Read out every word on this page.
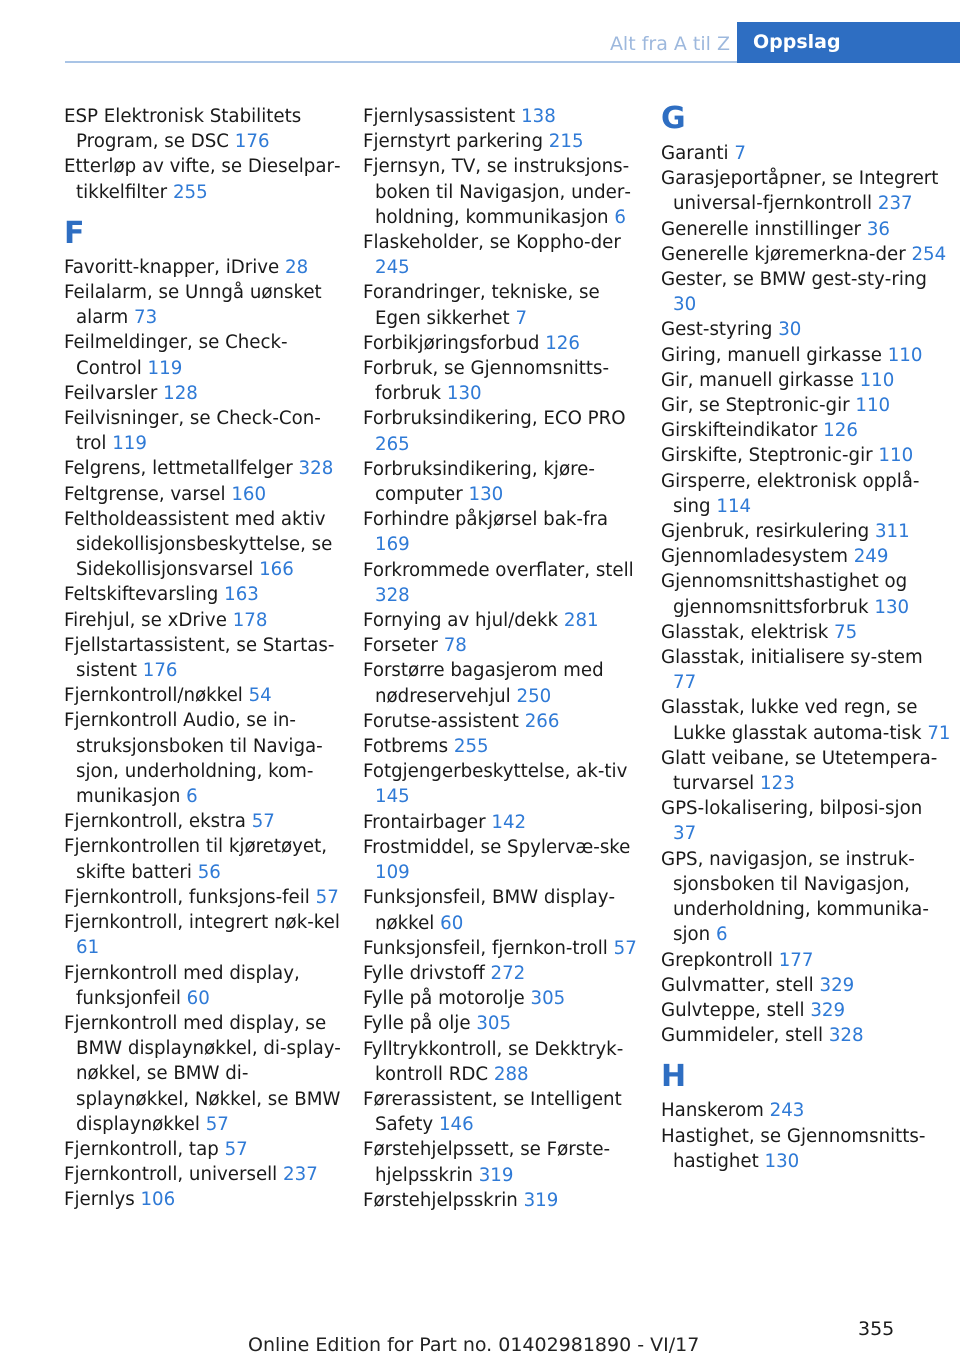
Alt fra A til Z	Oppslag
ESP Elektronisk Stabilitets Program, se DSC 176
Etterløp av vifte, se Dieselpar‐tikkelfilter 255
F
Favoritt-knapper, iDrive 28
Feilalarm, se Unngå uønsket alarm 73
Feilmeldinger, se Check-Control 119
Feilvarsler 128
Feilvisninger, se Check-Con‐trol 119
Felgrens, lettmetallfelger 328
Feltgrense, varsel 160
Feltholdeassistent med aktiv sidekollisjonsbeskyttelse, se Sidekollisjonsvarsel 166
Feltskiftevarsling 163
Firehjul, se xDrive 178
Fjellstartassistent, se Startas‐sistent 176
Fjernkontroll/nøkkel 54
Fjernkontroll Audio, se in‐struksjonsboken til Naviga‐sjon, underholdning, kom‐munikasjon 6
Fjernkontroll, ekstra 57
Fjernkontrollen til kjøretøyet, skifte batteri 56
Fjernkontroll, funksjons‐feil 57
Fjernkontroll, integrert nøk‐kel 61
Fjernkontroll med display, funksjonfeil 60
Fjernkontroll med display, se BMW displaynøkkel, di‐splay-nøkkel, se BMW di‐splaynøkkel, Nøkkel, se BMW displaynøkkel 57
Fjernkontroll, tap 57
Fjernkontroll, universell 237
Fjernlys 106
Fjernlysassistent 138
Fjernstyrt parkering 215
Fjernsyn, TV, se instruksjons‐boken til Navigasjon, under‐holdning, kommunikasjon 6
Flaskeholder, se Koppho‐der 245
Forandringer, tekniske, se Egen sikkerhet 7
Forbikjøringsforbud 126
Forbruk, se Gjennomsnitts‐forbruk 130
Forbruksindikering, ECO PRO 265
Forbruksindikering, kjøre‐computer 130
Forhindre påkjørsel bak‐fra 169
Forkrommede overflater, stell 328
Fornying av hjul/dekk 281
Forseter 78
Forstørre bagasjerom med nødreservehjul 250
Forutse-assistent 266
Fotbrems 255
Fotgjengerbeskyttelse, ak‐tiv 145
Frontairbager 142
Frostmiddel, se Spylervæ‐ske 109
Funksjonsfeil, BMW display‐nøkkel 60
Funksjonsfeil, fjernkon‐troll 57
Fylle drivstoff 272
Fylle på motorolje 305
Fylle på olje 305
Fylltrykkontroll, se Dekktryk‐kontroll RDC 288
Førerassistent, se Intelligent Safety 146
Førstehjelpssett, se Første‐hjelpsskrin 319
Førstehjelpsskrin 319
G
Garanti 7
Garasjeportåpner, se Integrert universal-fjernkontroll 237
Generelle innstillinger 36
Generelle kjøremerkna‐der 254
Gester, se BMW gest-sty‐ring 30
Gest-styring 30
Giring, manuell girkasse 110
Gir, manuell girkasse 110
Gir, se Steptronic-gir 110
Girskifteindikator 126
Girskifte, Steptronic-gir 110
Girsperre, elektronisk opplå‐sing 114
Gjenbruk, resirkulering 311
Gjennomladesystem 249
Gjennomsnittshastighet og gjennomsnittsforbruk 130
Glasstak, elektrisk 75
Glasstak, initialisere sy‐stem 77
Glasstak, lukke ved regn, se Lukke glasstak automa‐tisk 71
Glatt veibane, se Utetempera‐turvarsel 123
GPS-lokalisering, bilposi‐sjon 37
GPS, navigasjon, se instruk‐sjonsboken til Navigasjon, underholdning, kommunika‐sjon 6
Grepkontroll 177
Gulvmatter, stell 329
Gulvteppe, stell 329
Gummideler, stell 328
H
Hanskerom 243
Hastighet, se Gjennomsnitts‐hastighet 130
355
Online Edition for Part no. 01402981890 - VI/17
